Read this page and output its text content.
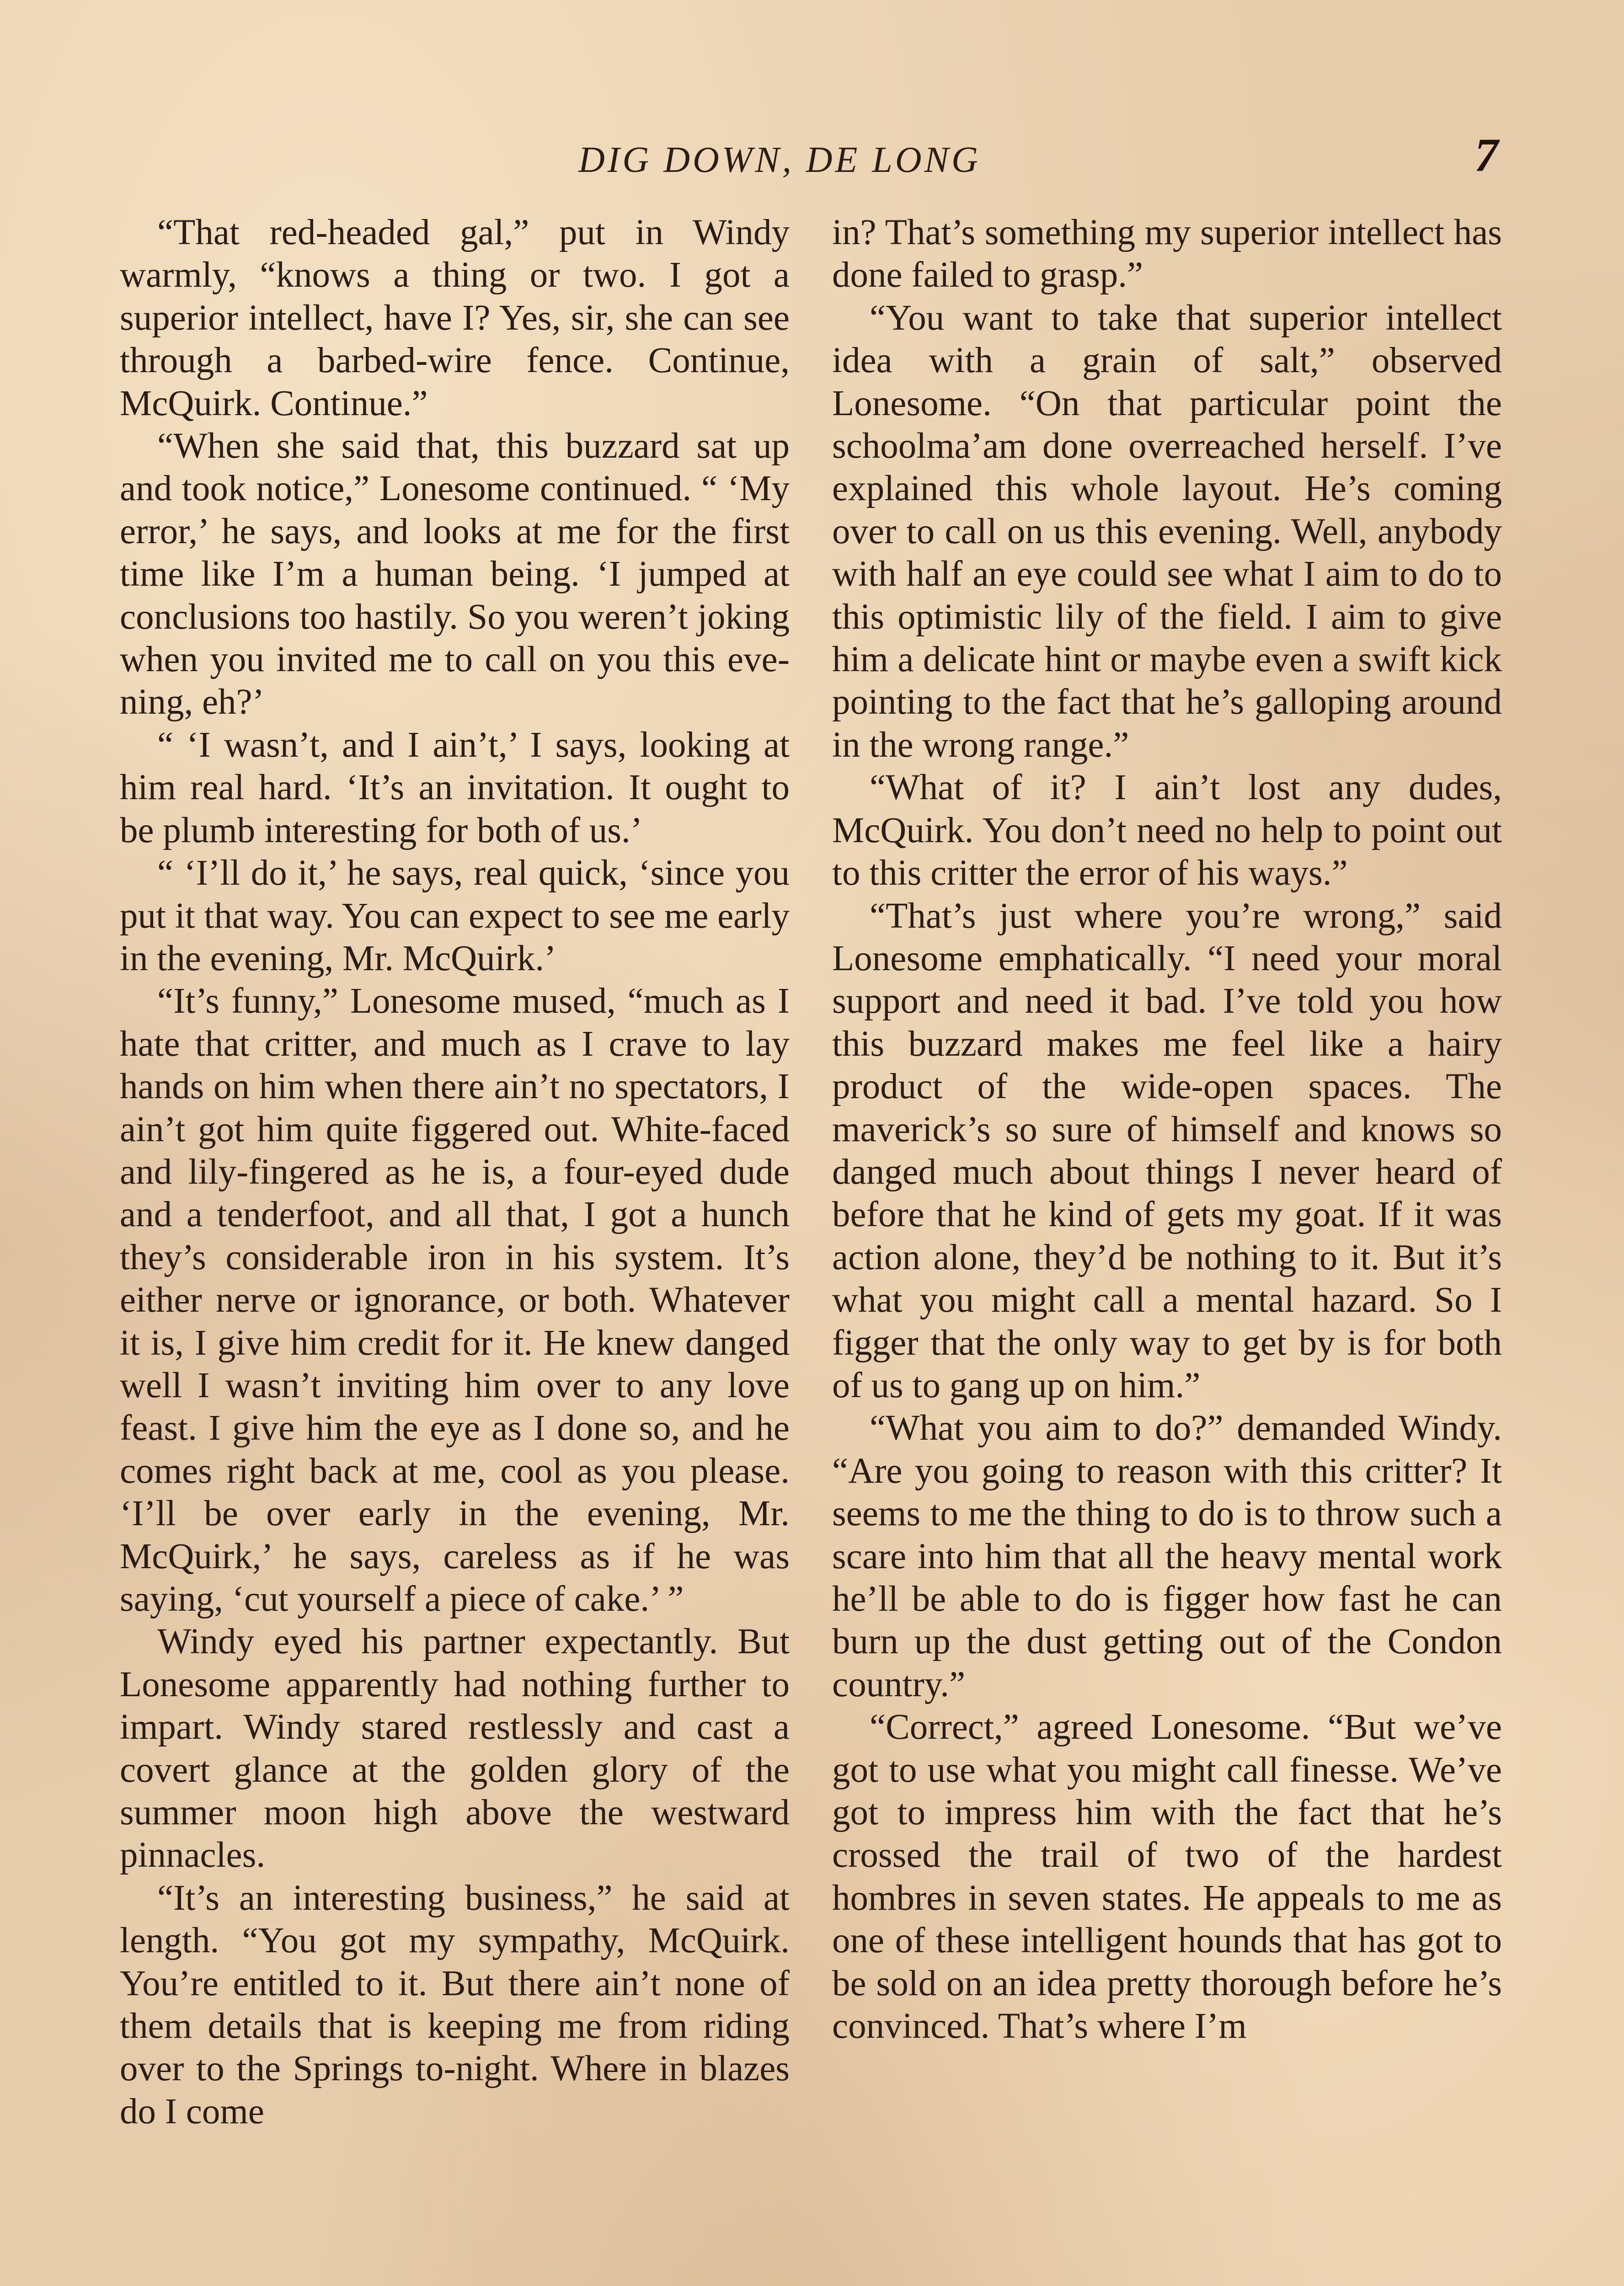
DIG DOWN, DE LONG	7

“That red-headed gal,” put in Windy warmly, “knows a thing or two. I got a superior intellect, have I? Yes, sir, she can see through a barbed-wire fence. Continue, McQuirk. Continue.”

“When she said that, this buzzard sat up and took notice,” Lonesome continued. “ ‘My error,’ he says, and looks at me for the first time like I’m a human being. ‘I jumped at conclusions too hastily. So you weren’t joking when you invited me to call on you this evening, eh?’

“ ‘I wasn’t, and I ain’t,’ I says, looking at him real hard. ‘It’s an invitation. It ought to be plumb interesting for both of us.’

“ ‘I’ll do it,’ he says, real quick, ‘since you put it that way. You can expect to see me early in the evening, Mr. McQuirk.’

“It’s funny,” Lonesome mused, “much as I hate that critter, and much as I crave to lay hands on him when there ain’t no spectators, I ain’t got him quite figgered out. White-faced and lily-fingered as he is, a four-eyed dude and a tenderfoot, and all that, I got a hunch they’s considerable iron in his system. It’s either nerve or ignorance, or both. Whatever it is, I give him credit for it. He knew danged well I wasn’t inviting him over to any love feast. I give him the eye as I done so, and he comes right back at me, cool as you please. ‘I’ll be over early in the evening, Mr. McQuirk,’ he says, careless as if he was saying, ‘cut yourself a piece of cake.’ ”

Windy eyed his partner expectantly. But Lonesome apparently had nothing further to impart. Windy stared restlessly and cast a covert glance at the golden glory of the summer moon high above the westward pinnacles.

“It’s an interesting business,” he said at length. “You got my sympathy, McQuirk. You’re entitled to it. But there ain’t none of them details that is keeping me from riding over to the Springs to-night. Where in blazes do I come

in? That’s something my superior intellect has done failed to grasp.”

“You want to take that superior intellect idea with a grain of salt,” observed Lonesome. “On that particular point the schoolma’am done overreached herself. I’ve explained this whole layout. He’s coming over to call on us this evening. Well, anybody with half an eye could see what I aim to do to this optimistic lily of the field. I aim to give him a delicate hint or maybe even a swift kick pointing to the fact that he’s galloping around in the wrong range.”

“What of it? I ain’t lost any dudes, McQuirk. You don’t need no help to point out to this critter the error of his ways.”

“That’s just where you’re wrong,” said Lonesome emphatically. “I need your moral support and need it bad. I’ve told you how this buzzard makes me feel like a hairy product of the wide-open spaces. The maverick’s so sure of himself and knows so danged much about things I never heard of before that he kind of gets my goat. If it was action alone, they’d be nothing to it. But it’s what you might call a mental hazard. So I figger that the only way to get by is for both of us to gang up on him.”

“What you aim to do?” demanded Windy. “Are you going to reason with this critter? It seems to me the thing to do is to throw such a scare into him that all the heavy mental work he’ll be able to do is figger how fast he can burn up the dust getting out of the Condon country.”

“Correct,” agreed Lonesome. “But we’ve got to use what you might call finesse. We’ve got to impress him with the fact that he’s crossed the trail of two of the hardest hombres in seven states. He appeals to me as one of these intelligent hounds that has got to be sold on an idea pretty thorough before he’s convinced. That’s where I’m
